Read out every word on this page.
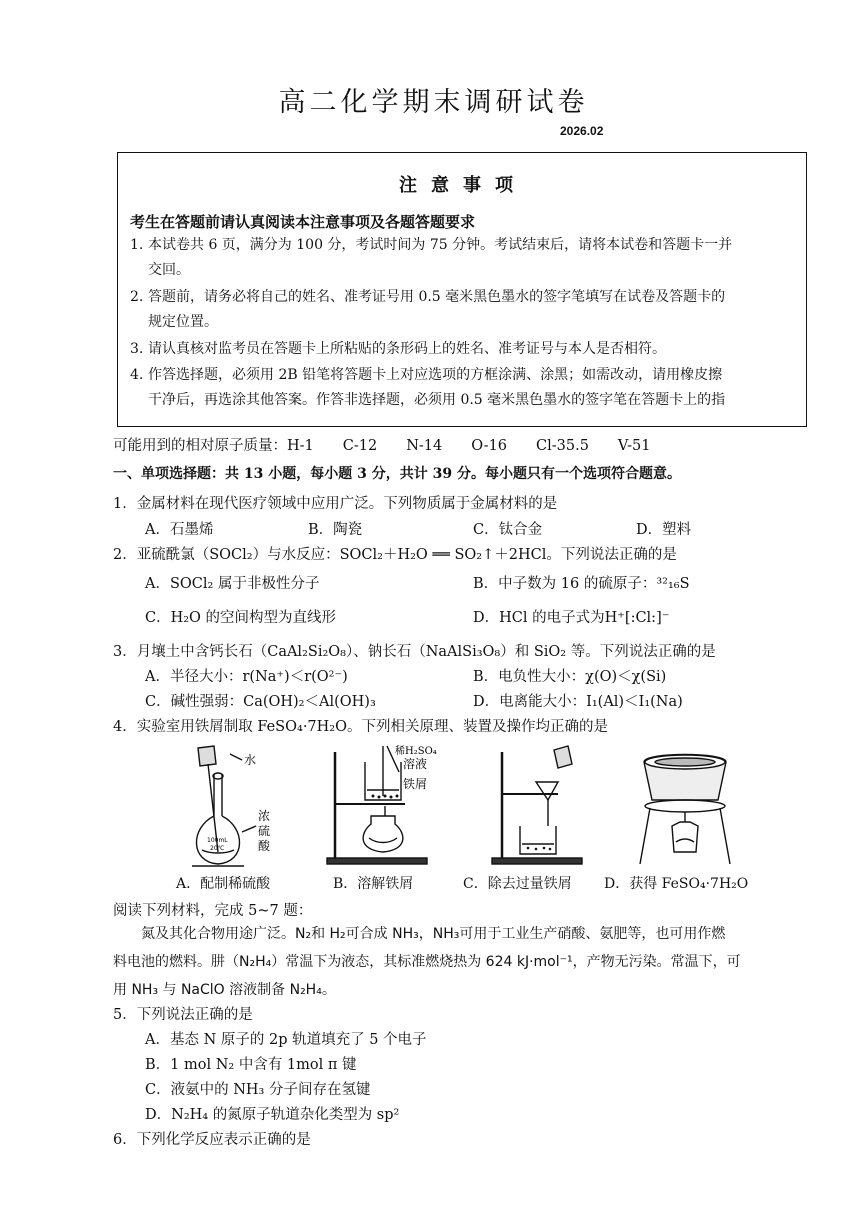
高二化学期末调研试卷
2026.02
注意事项
考生在答题前请认真阅读本注意事项及各题答题要求
1. 本试卷共 6 页，满分为 100 分，考试时间为 75 分钟。考试结束后，请将本试卷和答题卡一并
交回。
2. 答题前，请务必将自己的姓名、准考证号用 0.5 毫米黑色墨水的签字笔填写在试卷及答题卡的
规定位置。
3. 请认真核对监考员在答题卡上所粘贴的条形码上的姓名、准考证号与本人是否相符。
4. 作答选择题，必须用 2B 铅笔将答题卡上对应选项的方框涂满、涂黑；如需改动，请用橡皮擦
干净后，再选涂其他答案。作答非选择题，必须用 0.5 毫米黑色墨水的签字笔在答题卡上的指
可能用到的相对原子质量：H-1　　C-12　　N-14　　O-16　　Cl-35.5　　V-51
一、单项选择题：共 13 小题，每小题 3 分，共计 39 分。每小题只有一个选项符合题意。
1．金属材料在现代医疗领域中应用广泛。下列物质属于金属材料的是
A．石墨烯	B．陶瓷	C．钛合金	D．塑料
2．亚硫酰氯（SOCl₂）与水反应：SOCl₂＋H₂O ══ SO₂↑＋2HCl。下列说法正确的是
A．SOCl₂ 属于非极性分子	B．中子数为 16 的硫原子：³²₁₆S
C．H₂O 的空间构型为直线形	D．HCl 的电子式为H⁺[:Cl:]⁻
3．月壤土中含钙长石（CaAl₂Si₂O₈）、钠长石（NaAlSi₃O₈）和 SiO₂ 等。下列说法正确的是
A．半径大小：r(Na⁺)＜r(O²⁻)	B．电负性大小：χ(O)＜χ(Si)
C．碱性强弱：Ca(OH)₂＜Al(OH)₃	D．电离能大小：I₁(Al)＜I₁(Na)
4．实验室用铁屑制取 FeSO₄·7H₂O。下列相关原理、装置及操作均正确的是
水
浓
硫
酸
100mL
20℃
稀H₂SO₄
溶液
铁屑
A．配制稀硫酸	B．溶解铁屑	C．除去过量铁屑 D．获得 FeSO₄·7H₂O
阅读下列材料，完成 5~7 题：
氮及其化合物用途广泛。N₂和 H₂可合成 NH₃，NH₃可用于工业生产硝酸、氨肥等，也可用作燃
料电池的燃料。肼（N₂H₄）常温下为液态，其标准燃烧热为 624 kJ·mol⁻¹，产物无污染。常温下，可
用 NH₃ 与 NaClO 溶液制备 N₂H₄。
5．下列说法正确的是
A．基态 N 原子的 2p 轨道填充了 5 个电子
B．1 mol N₂ 中含有 1mol π 键
C．液氨中的 NH₃ 分子间存在氢键
D．N₂H₄ 的氮原子轨道杂化类型为 sp²
6．下列化学反应表示正确的是
